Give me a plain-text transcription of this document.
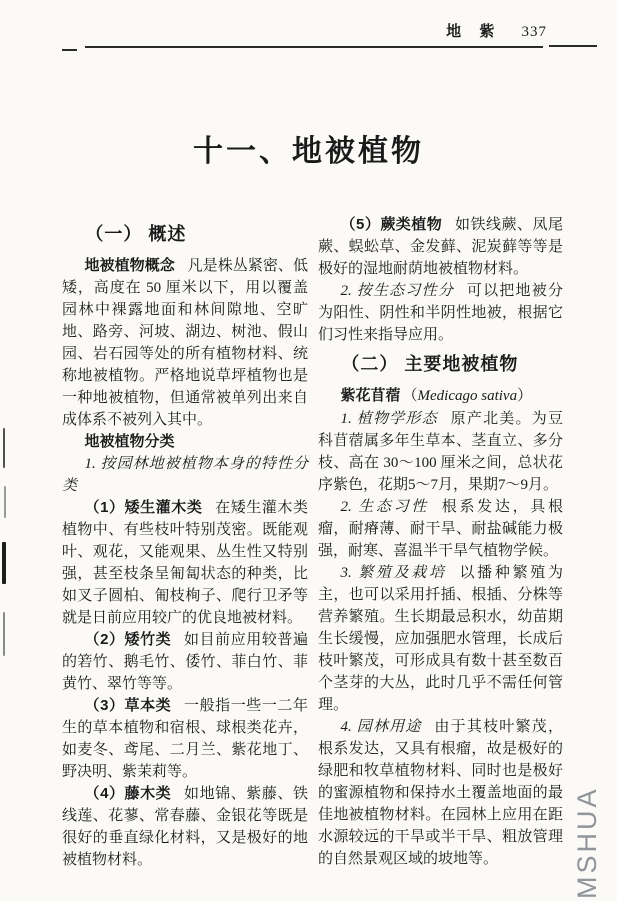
地 紫 337
十一、地被植物
（一） 概述

地被植物概念 凡是株丛紧密、低矮，高度在 50 厘米以下，用以覆盖园林中裸露地面和林间隙地、空旷地、路旁、河坡、湖边、树池、假山园、岩石园等处的所有植物材料、统称地被植物。严格地说草坪植物也是一种地被植物，但通常被单列出来自成体系不被列入其中。

地被植物分类

1. 按园林地被植物本身的特性分类

（1）矮生灌木类 在矮生灌木类植物中、有些枝叶特别茂密。既能观叶、观花，又能观果、丛生性又特别强，甚至枝条呈匍匐状态的种类，比如叉子圆柏、匍枝栒子、爬行卫矛等就是日前应用较广的优良地被材料。

（2）矮竹类 如目前应用较普遍的箬竹、鹅毛竹、倭竹、菲白竹、菲黄竹、翠竹等等。

（3）草本类 一般指一些一二年生的草本植物和宿根、球根类花卉，如麦冬、鸢尾、二月兰、紫花地丁、野决明、紫茉莉等。

（4）藤木类 如地锦、紫藤、铁线莲、花蓼、常春藤、金银花等既是很好的垂直绿化材料，又是极好的地被植物材料。

（5）蕨类植物 如铁线蕨、凤尾蕨、蜈蚣草、金发藓、泥炭藓等等是极好的湿地耐荫地被植物材料。

2. 按生态习性分 可以把地被分为阳性、阴性和半阴性地被，根据它们习性来指导应用。

（二） 主要地被植物

紫花苜蓿 （Medicago sativa）

1. 植物学形态 原产北美。为豆科苜蓿属多年生草本、茎直立、多分枝、高在 30～100 厘米之间，总状花序紫色，花期5～7月，果期7～9月。

2. 生态习性 根系发达，具根瘤，耐瘠薄、耐干旱、耐盐碱能力极强，耐寒、喜温半干旱气植物学候。

3. 繁殖及栽培 以播种繁殖为主，也可以采用扦插、根插、分株等营养繁殖。生长期最忌积水，幼苗期生长缓慢，应加强肥水管理，长成后枝叶繁茂，可形成具有数十甚至数百个茎芽的大丛，此时几乎不需任何管理。

4. 园林用途 由于其枝叶繁茂，根系发达，又具有根瘤，故是极好的绿肥和牧草植物材料、同时也是极好的蜜源植物和保持水土覆盖地面的最佳地被植物材料。在园林上应用在距水源较远的干旱或半干旱、粗放管理的自然景观区域的坡地等。	MSHUA
